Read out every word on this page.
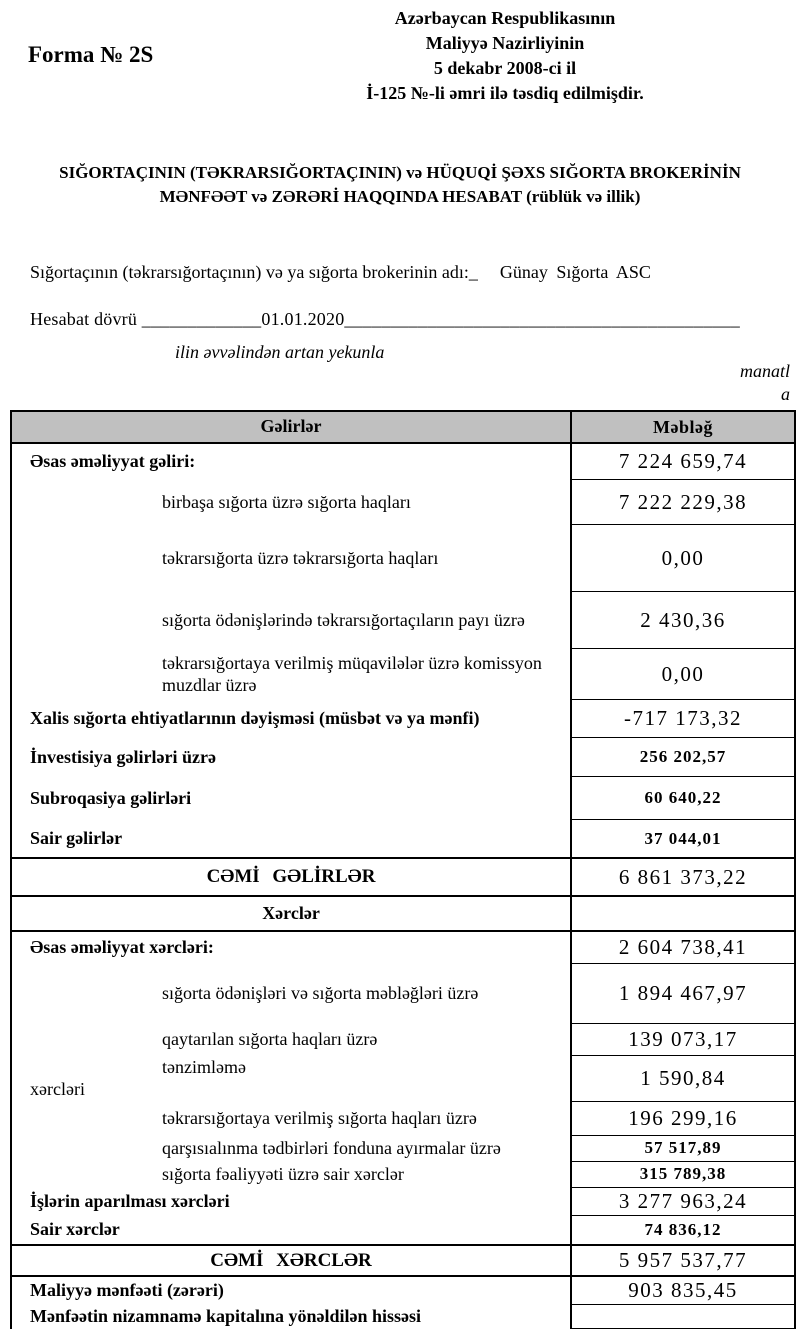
Forma № 2S
Azərbaycan Respublikasının
Maliyyə Nazirliyinin
5 dekabr 2008-ci il
İ-125 №-li əmri ilə təsdiq edilmişdir.
SIĞORTAÇININ (TƏKRARSIĞORTAÇININ) və HÜQUQİ ŞƏXS SIĞORTA BROKERİNİN
MƏNFƏƏT və ZƏRƏRİ HAQQINDA HESABAT (rüblük və illik)
Sığortaçının (təkrarsığortaçının) və ya sığorta brokerinin adı:_ Günay Sığorta ASC
Hesabat dövrü _____________01.01.2020___________________________________________
ilin əvvəlindən artan yekunla
manatl
a
Gəlirlər	Məbləğ
Əsas əməliyyat gəliri:	7 224 659,74
birbaşa sığorta üzrə sığorta haqları	7 222 229,38
təkrarsığorta üzrə təkrarsığorta haqları	0,00
sığorta ödənişlərində təkrarsığortaçıların payı üzrə	2 430,36
təkrarsığortaya verilmiş müqavilələr üzrə komissyon muzdlar üzrə	0,00
Xalis sığorta ehtiyatlarının dəyişməsi (müsbət və ya mənfi)	-717 173,32
İnvestisiya gəlirləri üzrə	256 202,57
Subroqasiya gəlirləri	60 640,22
Sair gəlirlər	37 044,01
CƏMİ GƏLİRLƏR	6 861 373,22
Xərclər
Əsas əməliyyat xərcləri:	2 604 738,41
sığorta ödənişləri və sığorta məbləğləri üzrə	1 894 467,97
qaytarılan sığorta haqları üzrə	139 073,17
tənzimləmə
xərcləri	1 590,84
təkrarsığortaya verilmiş sığorta haqları üzrə	196 299,16
qarşısıalınma tədbirləri fonduna ayırmalar üzrə	57 517,89
sığorta fəaliyyəti üzrə sair xərclər	315 789,38
İşlərin aparılması xərcləri	3 277 963,24
Sair xərclər	74 836,12
CƏMİ XƏRCLƏR	5 957 537,77
Maliyyə mənfəəti (zərəri)	903 835,45
Mənfəətin nizamnamə kapitalına yönəldilən hissəsi
